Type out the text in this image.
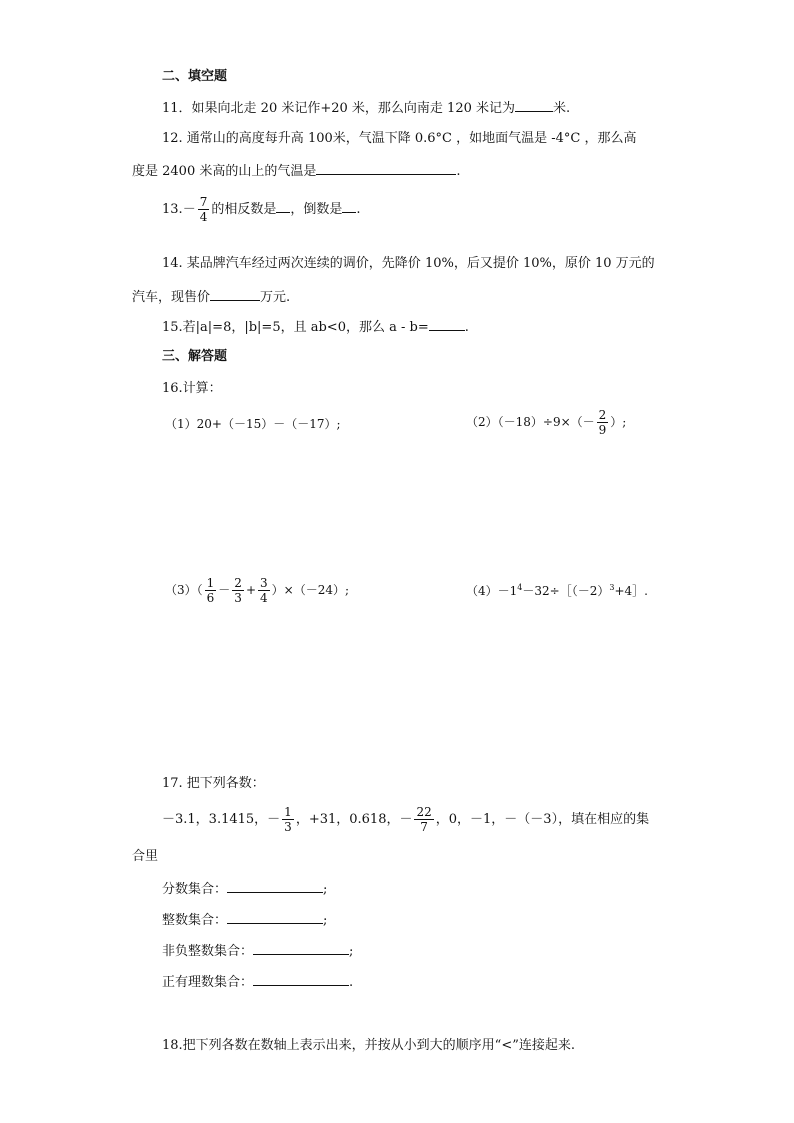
二、填空题
11．如果向北走 20 米记作+20 米，那么向南走 120 米记为	米.
12. 通常山的高度每升高 100米，气温下降 0.6°C ，如地面气温是 -4°C ，那么高
度是 2400 米高的山上的气温是	.
$13.- \frac{7}{4}$ 的相反数是 ，倒数是 .
14. 某品牌汽车经过两次连续的调价，先降价 10%，后又提价 10%，原价 10 万元的
汽车，现售价	万元.
15.若|a|=8，|b|=5，且 ab<0，那么 a - b=	.
三、解答题
16.计算：
（1）20+（－15）－（－17）;	$(2)(-18)\div 9\times(- \frac{2}{9}$ ）;
$(3)( \frac{1}{6} - \frac{2}{3} + \frac{3}{4} )\times(-24)$;	$(4)-1^4-32\div[(-2)^3+4]$.
17. 把下列各数：
－3.1，3.1415，－ $\frac{1}{3}$ ，+31，0.618，－ $\frac{22}{7}$ ，0，－1，－（－3），填在相应的集
合里
分数集合：	;
整数集合：	;
非负整数集合：	;
正有理数集合：	.
18.把下列各数在数轴上表示出来，并按从小到大的顺序用“<”连接起来.
